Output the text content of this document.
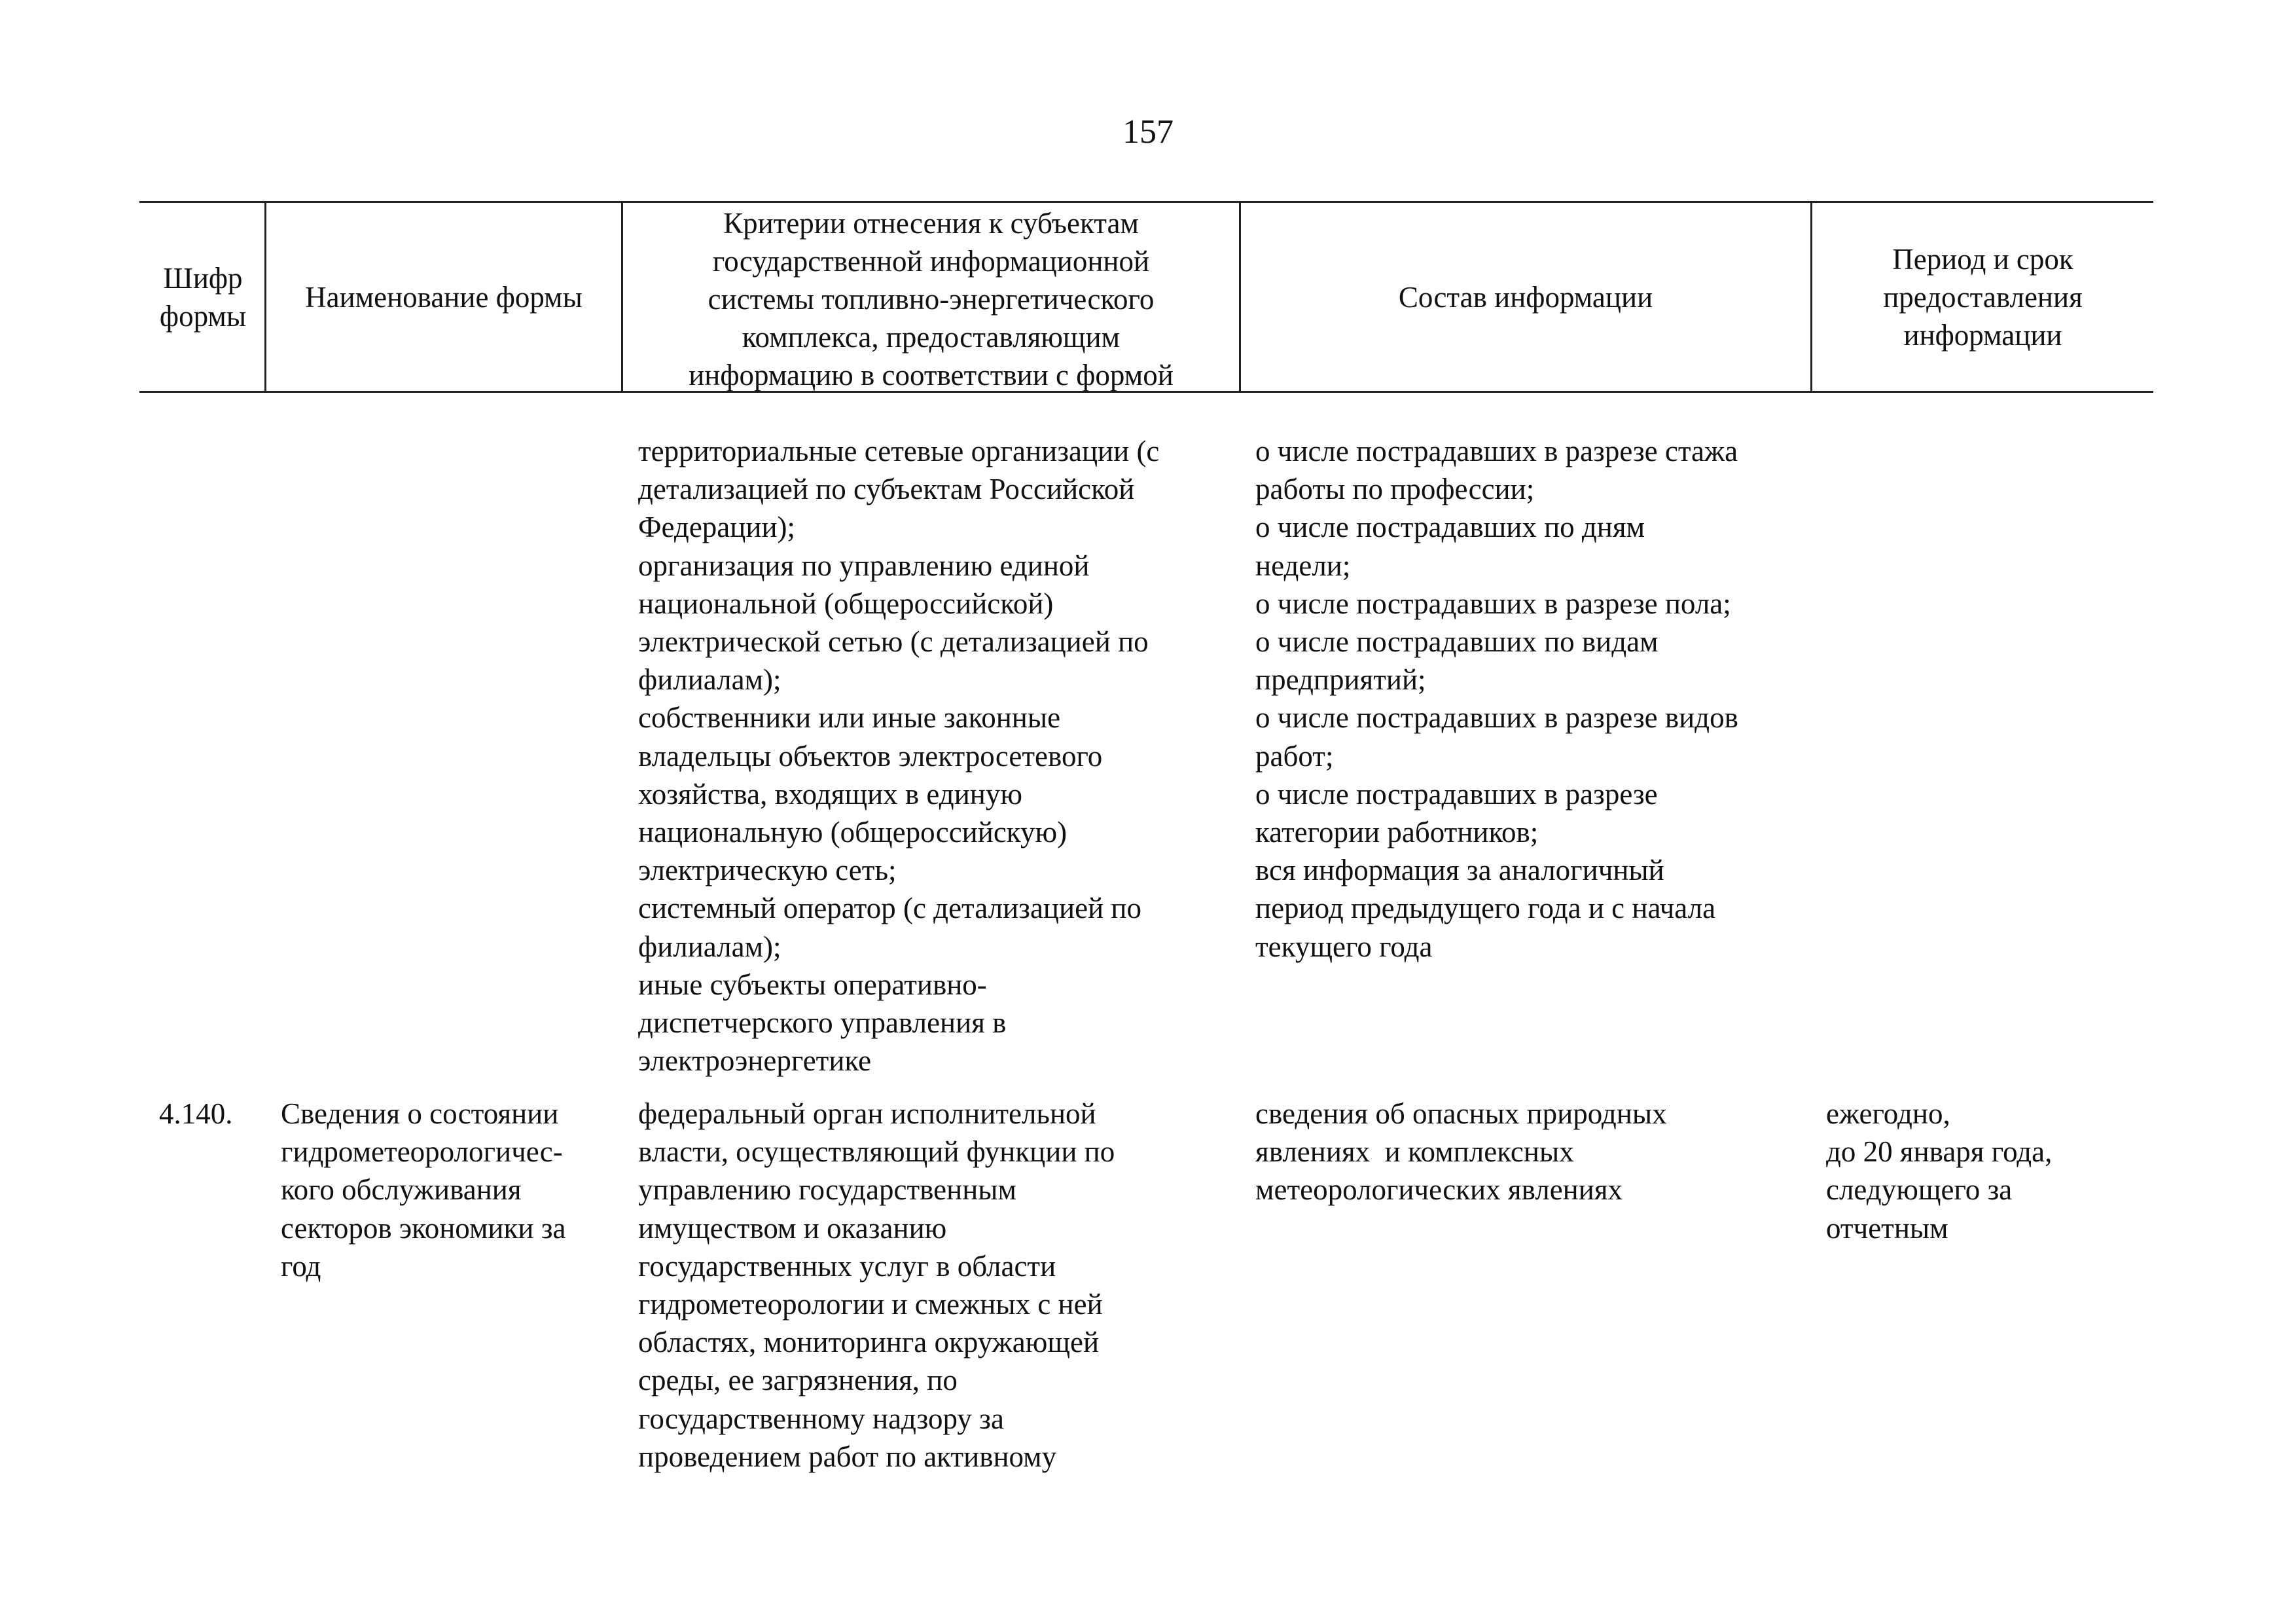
157
Шифр
формы
Наименование формы
Критерии отнесения к субъектам
государственной информационной
системы топливно-энергетического
комплекса, предоставляющим
информацию в соответствии с формой
Состав информации
Период и срок
предоставления
информации
территориальные сетевые организации (с
детализацией по субъектам Российской
Федерации);
организация по управлению единой
национальной (общероссийской)
электрической сетью (с детализацией по
филиалам);
собственники или иные законные
владельцы объектов электросетевого
хозяйства, входящих в единую
национальную (общероссийскую)
электрическую сеть;
системный оператор (с детализацией по
филиалам);
иные субъекты оперативно-
диспетчерского управления в
электроэнергетике
о числе пострадавших в разрезе стажа
работы по профессии;
о числе пострадавших по дням
недели;
о числе пострадавших в разрезе пола;
о числе пострадавших по видам
предприятий;
о числе пострадавших в разрезе видов
работ;
о числе пострадавших в разрезе
категории работников;
вся информация за аналогичный
период предыдущего года и с начала
текущего года
4.140. Сведения о состоянии
гидрометеорологичес-
кого обслуживания
секторов экономики за
год
федеральный орган исполнительной
власти, осуществляющий функции по
управлению государственным
имуществом и оказанию
государственных услуг в области
гидрометеорологии и смежных с ней
областях, мониторинга окружающей
среды, ее загрязнения, по
государственному надзору за
проведением работ по активному
сведения об опасных природных
явлениях  и комплексных
метеорологических явлениях
ежегодно,
до 20 января года,
следующего за
отчетным
